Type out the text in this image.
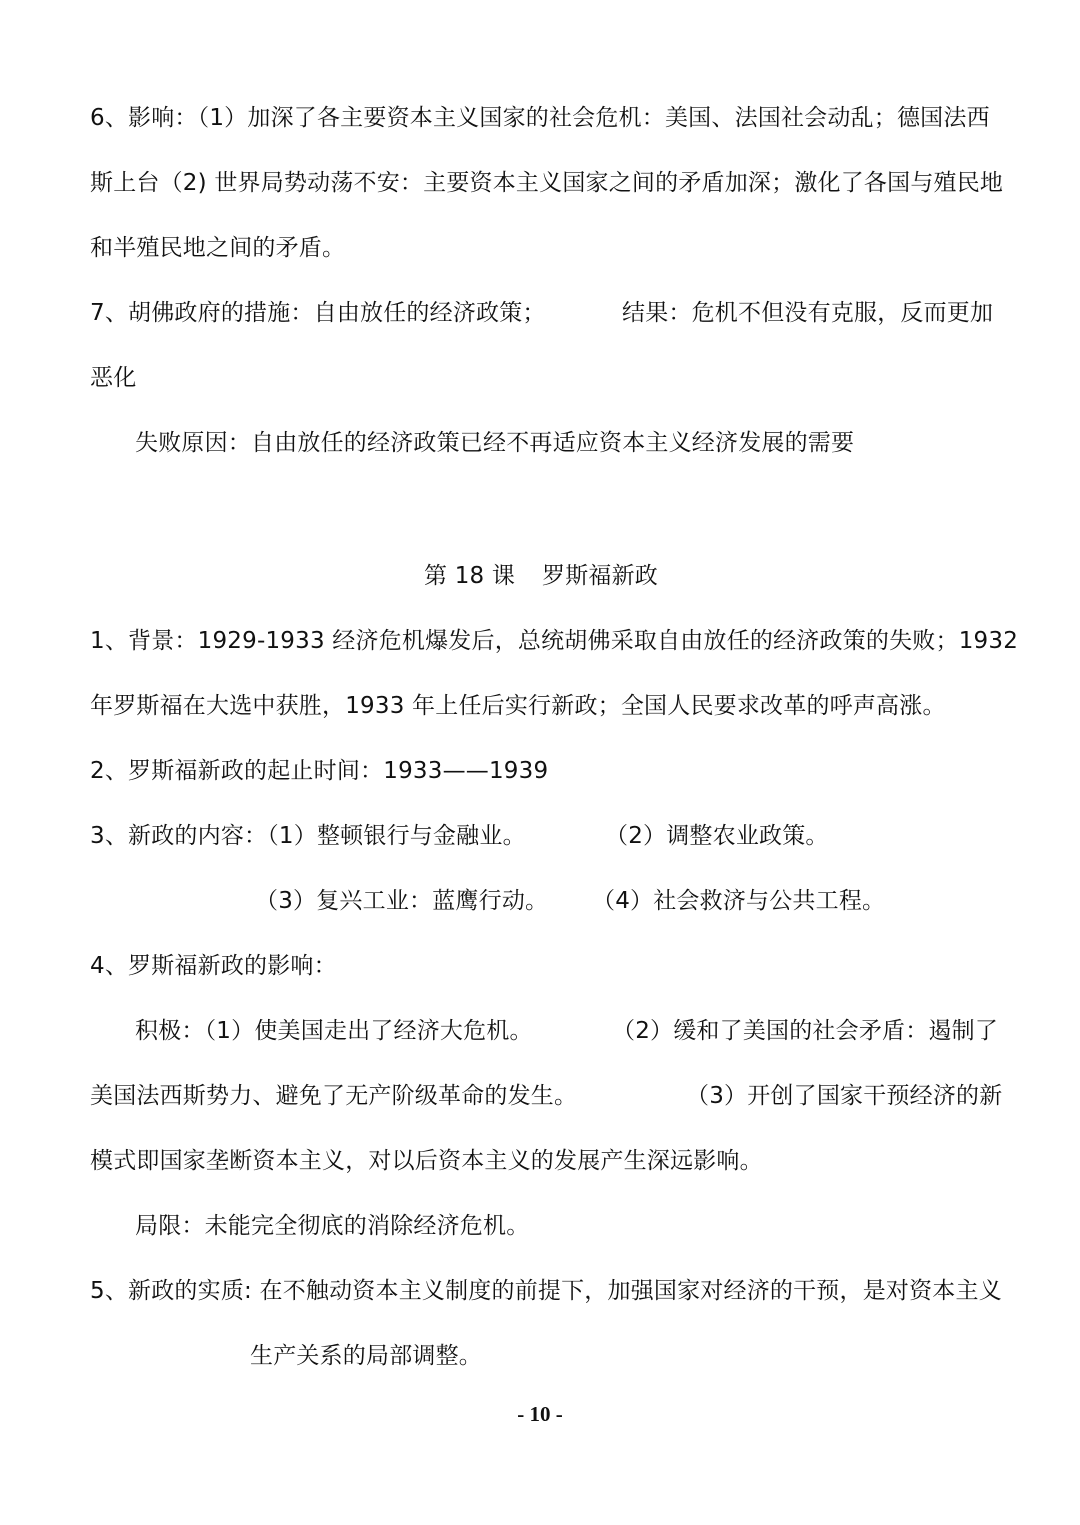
6、影响：（1）加深了各主要资本主义国家的社会危机：美国、法国社会动乱；德国法西
斯上台（2) 世界局势动荡不安：主要资本主义国家之间的矛盾加深；激化了各国与殖民地
和半殖民地之间的矛盾。
7、胡佛政府的措施：自由放任的经济政策；	结果：危机不但没有克服，反而更加
恶化
失败原因：自由放任的经济政策已经不再适应资本主义经济发展的需要
第 18 课 罗斯福新政
1、背景：1929-1933 经济危机爆发后，总统胡佛采取自由放任的经济政策的失败；1932
年罗斯福在大选中获胜，1933 年上任后实行新政；全国人民要求改革的呼声高涨。
2、罗斯福新政的起止时间：1933——1939
3、新政的内容：（1）整顿银行与金融业。	（2）调整农业政策。
（3）复兴工业：蓝鹰行动。 （4）社会救济与公共工程。
4、罗斯福新政的影响：
积极：（1）使美国走出了经济大危机。	（2）缓和了美国的社会矛盾：遏制了
美国法西斯势力、避免了无产阶级革命的发生。	（3）开创了国家干预经济的新
模式即国家垄断资本主义，对以后资本主义的发展产生深远影响。
局限：未能完全彻底的消除经济危机。
5、新政的实质: 在不触动资本主义制度的前提下，加强国家对经济的干预，是对资本主义
生产关系的局部调整。
- 10 -
